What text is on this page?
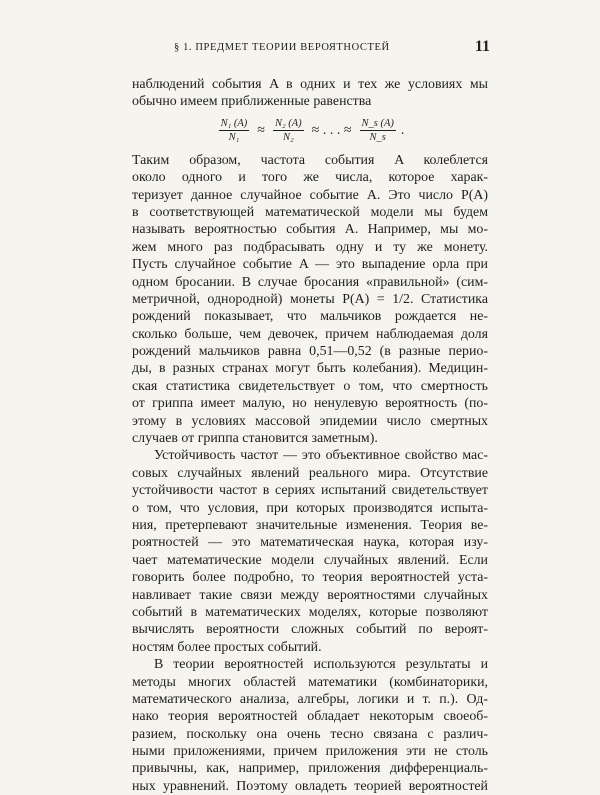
§ 1. ПРЕДМЕТ ТЕОРИИ ВЕРОЯТНОСТЕЙ	11
наблюдений события A в одних и тех же условиях мы
обычно имеем приближенные равенства
$\frac{\text{N₁ (A)}}{\text{N₁}} \approx \frac{\text{N₂ (A)}}{\text{N₂}}$ ≈ . . . ≈ $\frac{N\_s (A)}{N\_s}$ .
Таким образом, частота события A колеблется
около одного и того же числа, которое харак-
теризует данное случайное событие A. Это число P(A)
в соответствующей математической модели мы будем
называть вероятностью события A. Например, мы мо-
жем много раз подбрасывать одну и ту же монету.
Пусть случайное событие A — это выпадение орла при
одном бросании. В случае бросания «правильной» (сим-
метричной, однородной) монеты P(A) = 1/2. Статистика
рождений показывает, что мальчиков рождается не-
сколько больше, чем девочек, причем наблюдаемая доля
рождений мальчиков равна 0,51—0,52 (в разные перио-
ды, в разных странах могут быть колебания). Медицин-
ская статистика свидетельствует о том, что смертность
от гриппа имеет малую, но ненулевую вероятность (по-
этому в условиях массовой эпидемии число смертных
случаев от гриппа становится заметным).
Устойчивость частот — это объективное свойство мас-
совых случайных явлений реального мира. Отсутствие
устойчивости частот в сериях испытаний свидетельствует
о том, что условия, при которых производятся испыта-
ния, претерпевают значительные изменения. Теория ве-
роятностей — это математическая наука, которая изу-
чает математические модели случайных явлений. Если
говорить более подробно, то теория вероятностей уста-
навливает такие связи между вероятностями случайных
событий в математических моделях, которые позволяют
вычислять вероятности сложных событий по вероят-
ностям более простых событий.
В теории вероятностей используются результаты и
методы многих областей математики (комбинаторики,
математического анализа, алгебры, логики и т. п.). Од-
нако теория вероятностей обладает некоторым своеоб-
разием, поскольку она очень тесно связана с различ-
ными приложениями, причем приложения эти не столь
привычны, как, например, приложения дифференциаль-
ных уравнений. Поэтому овладеть теорией вероятностей
